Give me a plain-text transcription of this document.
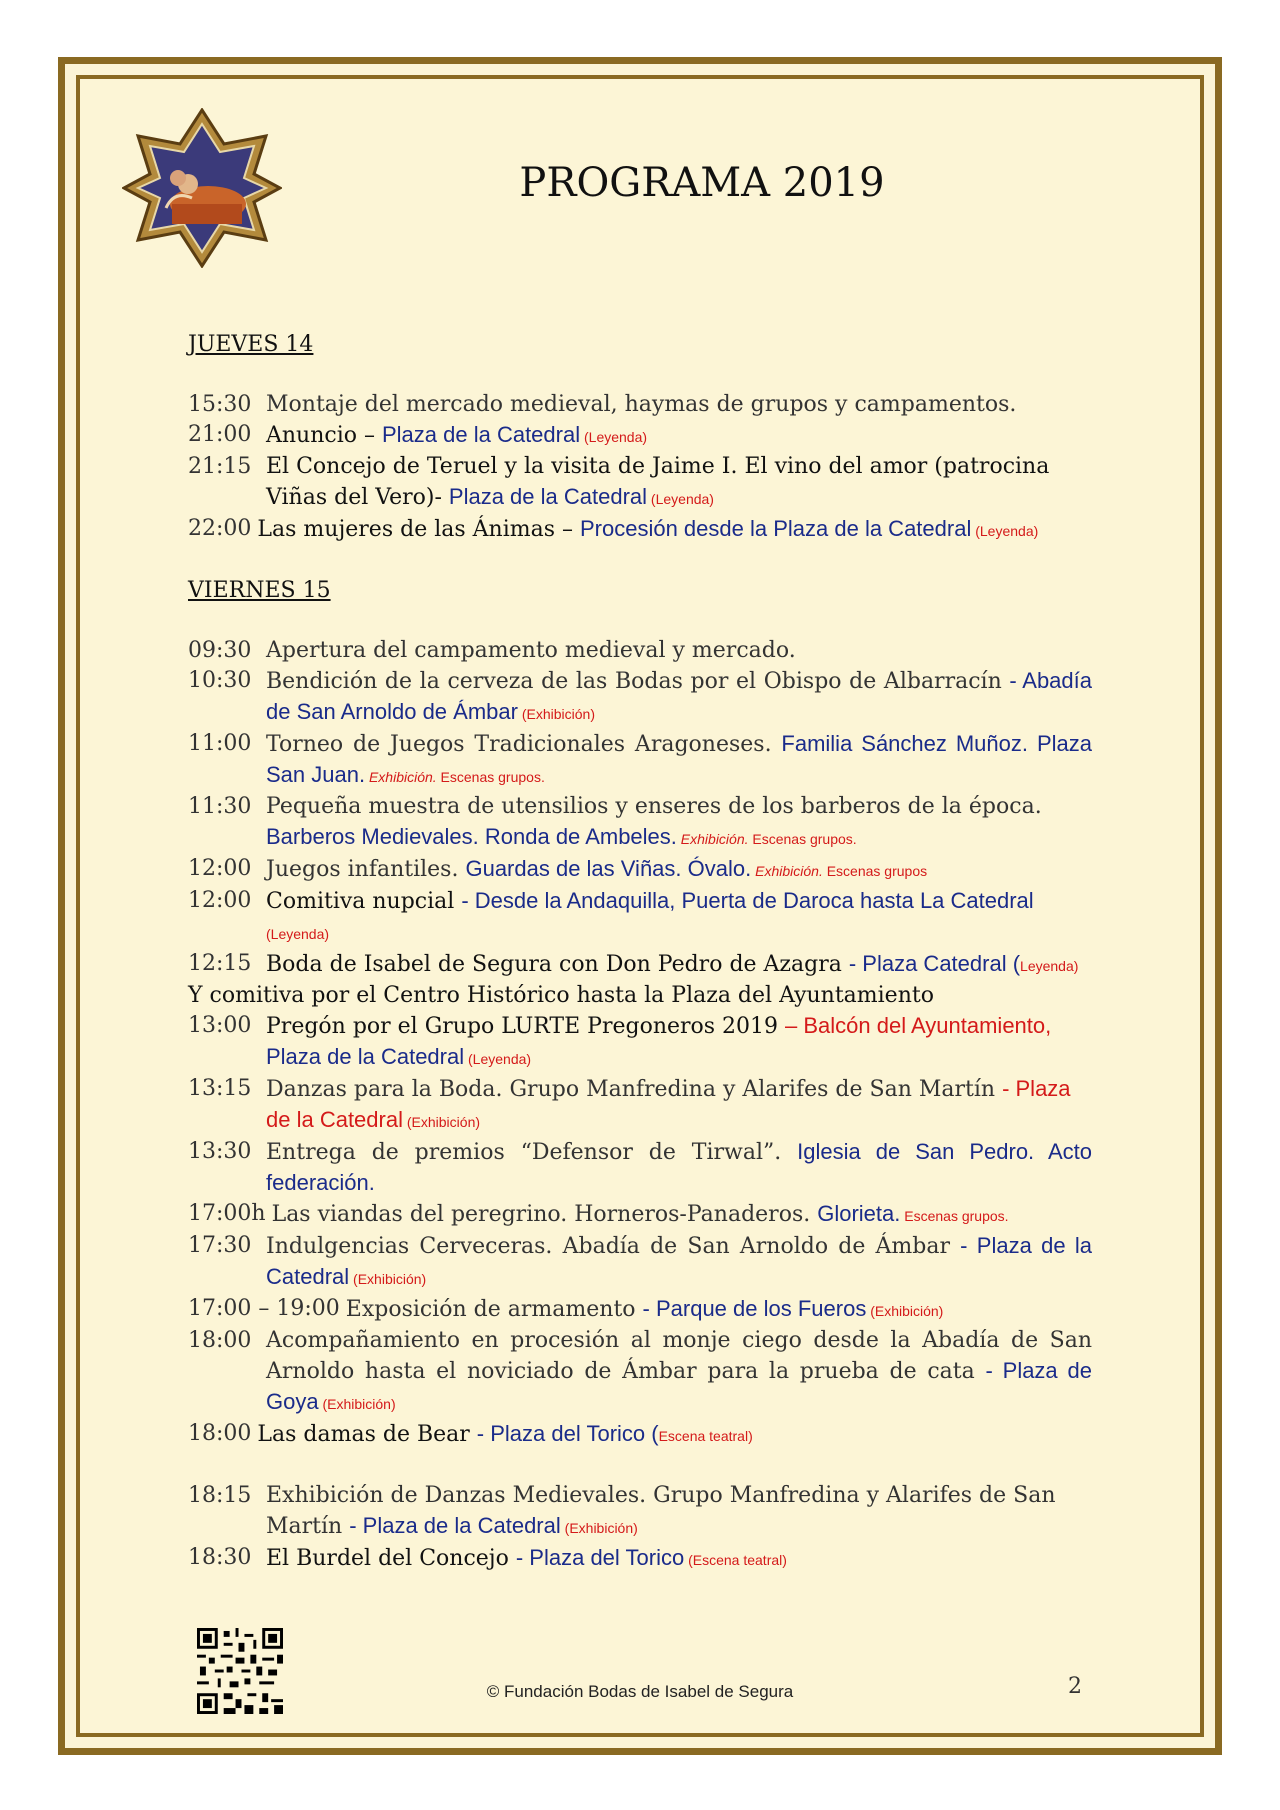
PROGRAMA 2019
JUEVES 14
15:30 Montaje del mercado medieval, haymas de grupos y campamentos.
21:00 Anuncio – Plaza de la Catedral (Leyenda)
21:15 El Concejo de Teruel y la visita de Jaime I. El vino del amor (patrocina Viñas del Vero)- Plaza de la Catedral (Leyenda)
22:00 Las mujeres de las Ánimas – Procesión desde la Plaza de la Catedral (Leyenda)
VIERNES 15
09:30 Apertura del campamento medieval y mercado.
10:30 Bendición de la cerveza de las Bodas por el Obispo de Albarracín - Abadía de San Arnoldo de Ámbar (Exhibición)
11:00 Torneo de Juegos Tradicionales Aragoneses. Familia Sánchez Muñoz. Plaza San Juan. Exhibición. Escenas grupos.
11:30 Pequeña muestra de utensilios y enseres de los barberos de la época. Barberos Medievales. Ronda de Ambeles. Exhibición. Escenas grupos.
12:00 Juegos infantiles. Guardas de las Viñas. Óvalo. Exhibición. Escenas grupos
12:00 Comitiva nupcial - Desde la Andaquilla, Puerta de Daroca hasta La Catedral (Leyenda)
12:15 Boda de Isabel de Segura con Don Pedro de Azagra - Plaza Catedral (Leyenda)
Y comitiva por el Centro Histórico hasta la Plaza del Ayuntamiento
13:00 Pregón por el Grupo LURTE Pregoneros 2019 – Balcón del Ayuntamiento, Plaza de la Catedral (Leyenda)
13:15 Danzas para la Boda. Grupo Manfredina y Alarifes de San Martín - Plaza de la Catedral (Exhibición)
13:30 Entrega de premios “Defensor de Tirwal”. Iglesia de San Pedro. Acto federación.
17:00h Las viandas del peregrino. Horneros-Panaderos. Glorieta. Escenas grupos.
17:30 Indulgencias Cerveceras. Abadía de San Arnoldo de Ámbar - Plaza de la Catedral (Exhibición)
17:00 – 19:00 Exposición de armamento - Parque de los Fueros (Exhibición)
18:00 Acompañamiento en procesión al monje ciego desde la Abadía de San Arnoldo hasta el noviciado de Ámbar para la prueba de cata - Plaza de Goya (Exhibición)
18:00 Las damas de Bear - Plaza del Torico (Escena teatral)
18:15 Exhibición de Danzas Medievales. Grupo Manfredina y Alarifes de San Martín - Plaza de la Catedral (Exhibición)
18:30 El Burdel del Concejo - Plaza del Torico (Escena teatral)
© Fundación Bodas de Isabel de Segura	2
